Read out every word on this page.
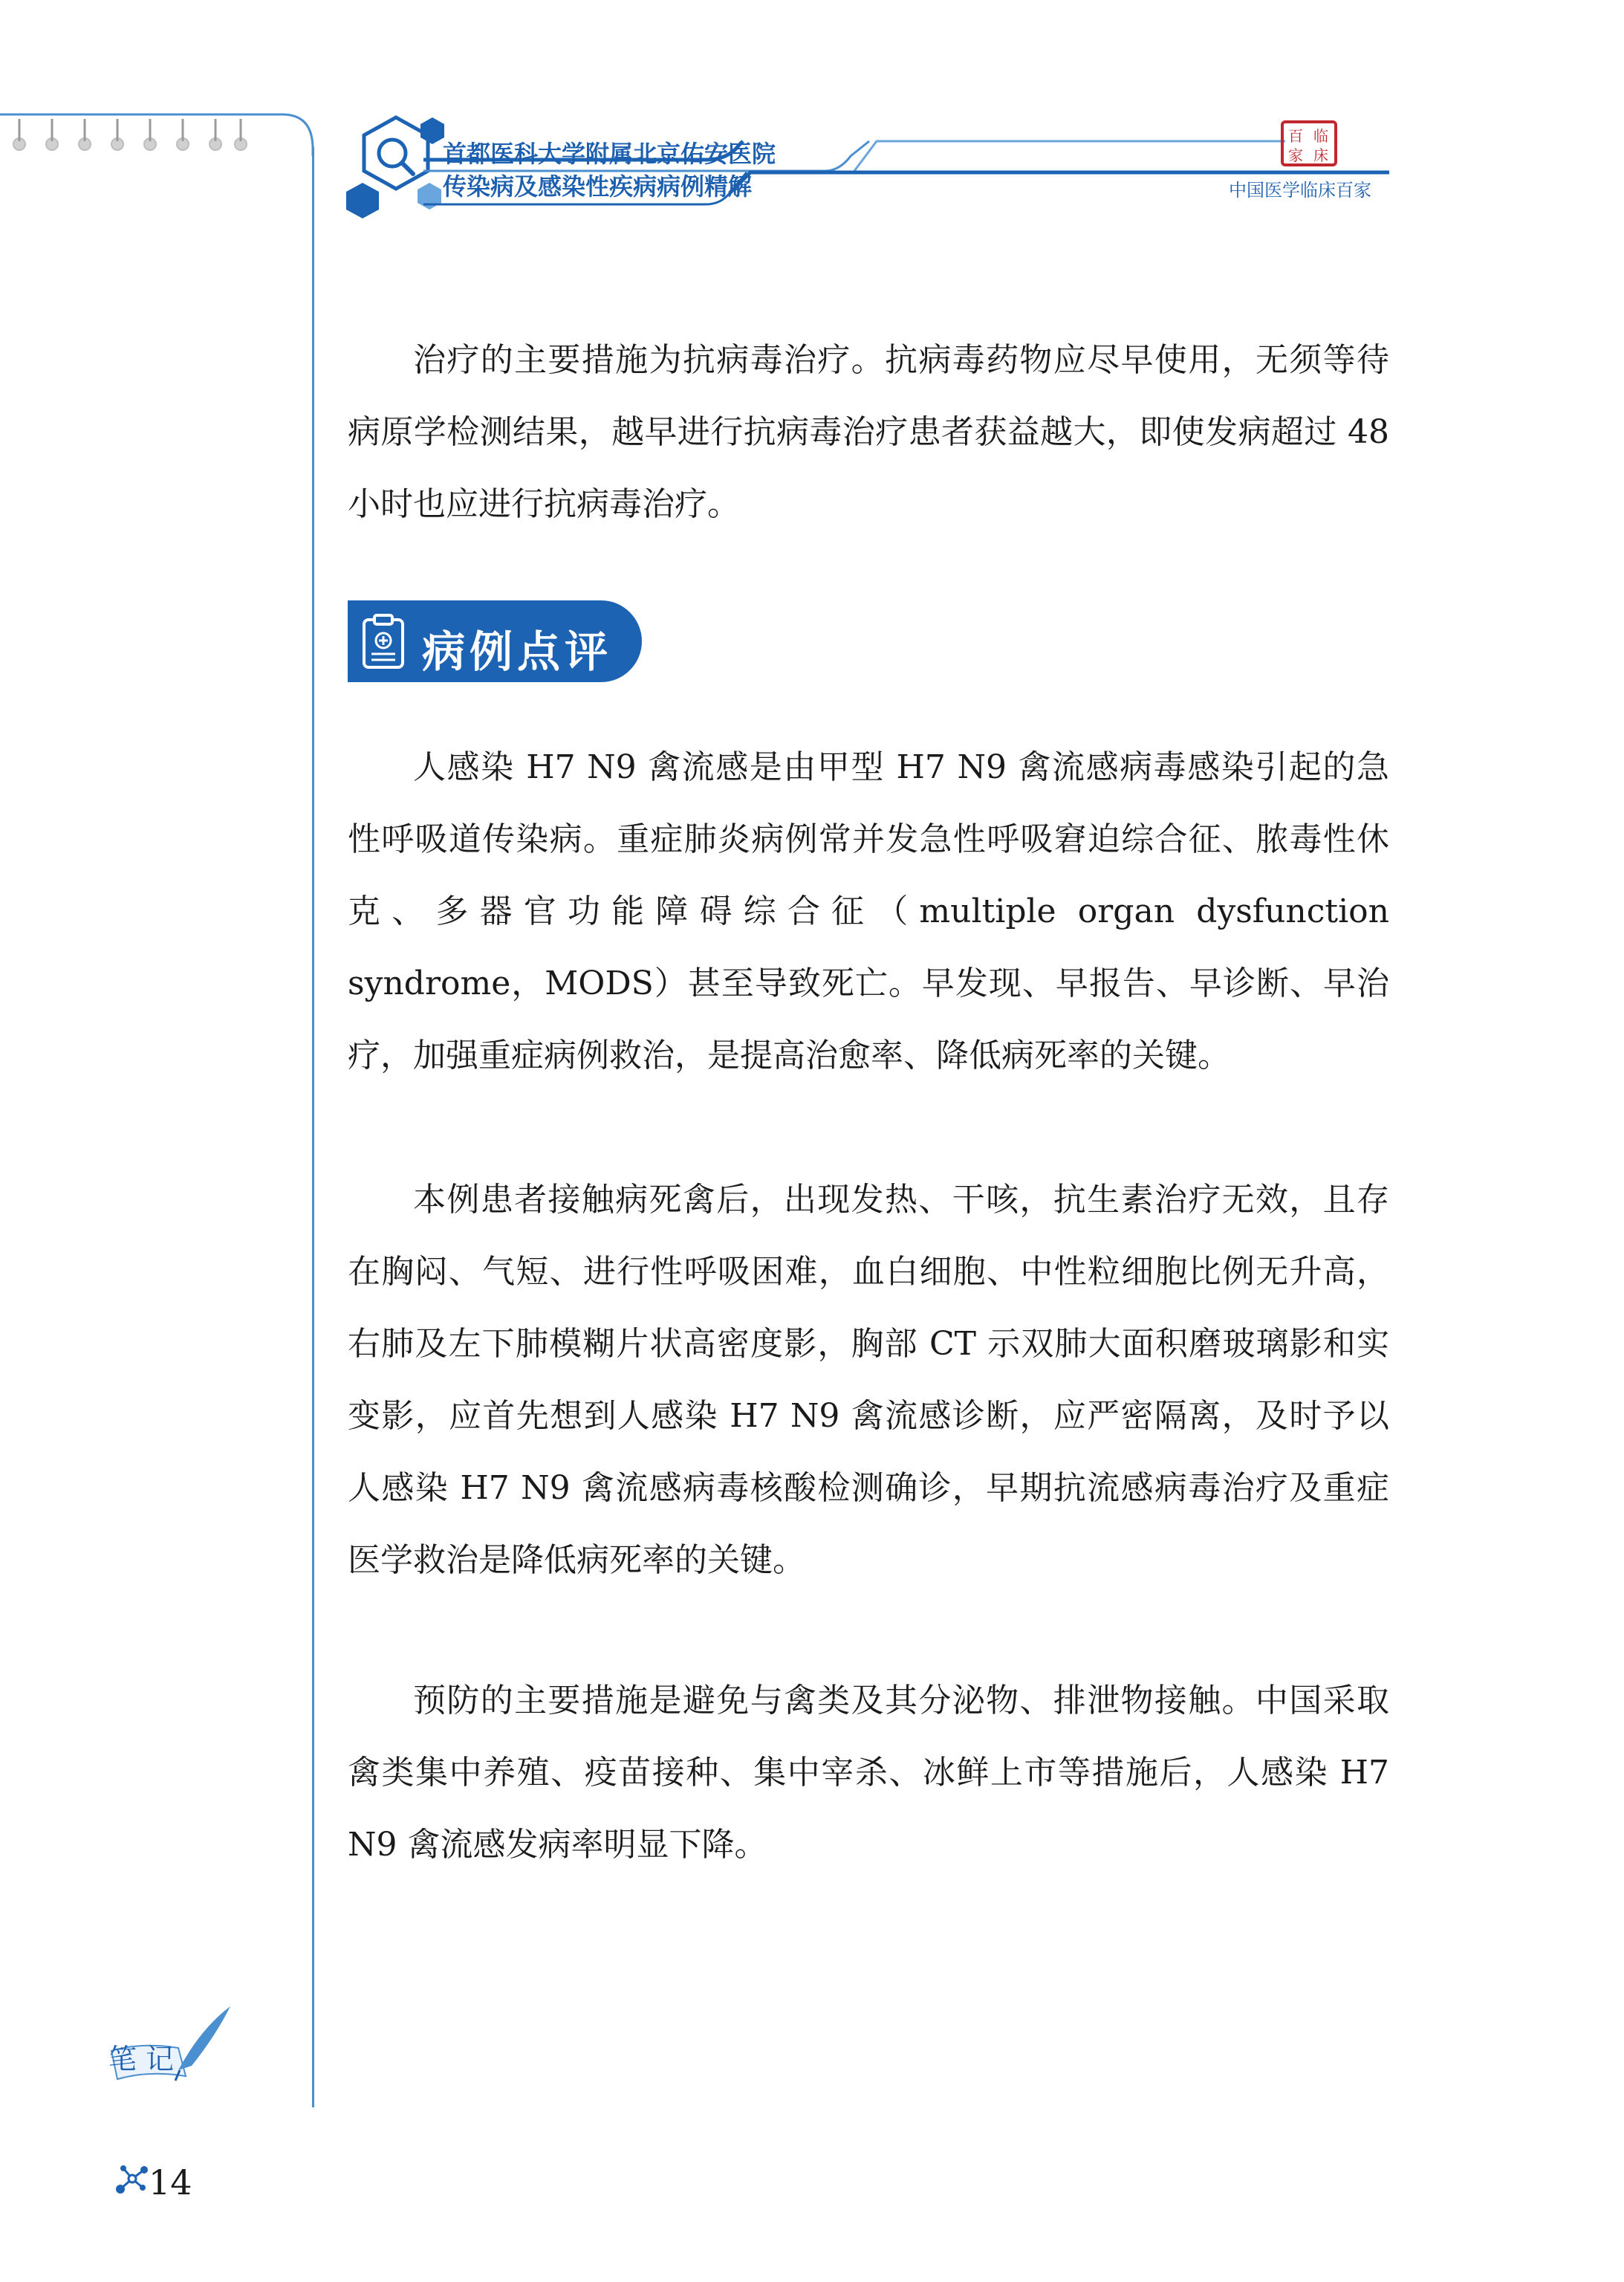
首都医科大学附属北京佑安医院
传染病及感染性疾病病例精解
百 临
家 床
中国医学临床百家

治疗的主要措施为抗病毒治疗。抗病毒药物应尽早使用，无须等待病原学检测结果，越早进行抗病毒治疗患者获益越大，即使发病超过 48 小时也应进行抗病毒治疗。

病例点评

人感染 H7 N9 禽流感是由甲型 H7 N9 禽流感病毒感染引起的急性呼吸道传染病。重症肺炎病例常并发急性呼吸窘迫综合征、脓毒性休克、多器官功能障碍综合征（multiple organ dysfunction syndrome，MODS）甚至导致死亡。早发现、早报告、早诊断、早治疗，加强重症病例救治，是提高治愈率、降低病死率的关键。

本例患者接触病死禽后，出现发热、干咳，抗生素治疗无效，且存在胸闷、气短、进行性呼吸困难，血白细胞、中性粒细胞比例无升高，右肺及左下肺模糊片状高密度影，胸部 CT 示双肺大面积磨玻璃影和实变影，应首先想到人感染 H7 N9 禽流感诊断，应严密隔离，及时予以人感染 H7 N9 禽流感病毒核酸检测确诊，早期抗流感病毒治疗及重症医学救治是降低病死率的关键。

预防的主要措施是避免与禽类及其分泌物、排泄物接触。中国采取禽类集中养殖、疫苗接种、集中宰杀、冰鲜上市等措施后，人感染 H7 N9 禽流感发病率明显下降。

笔 记
14
